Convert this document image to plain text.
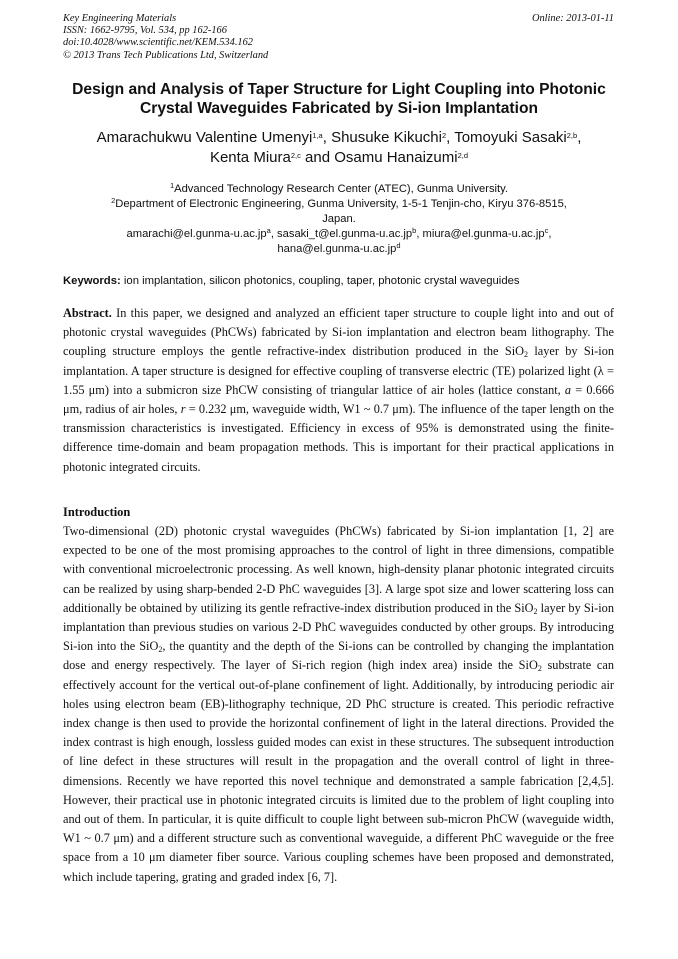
Key Engineering Materials
ISSN: 1662-9795, Vol. 534, pp 162-166
doi:10.4028/www.scientific.net/KEM.534.162
© 2013 Trans Tech Publications Ltd, Switzerland
Online: 2013-01-11
Design and Analysis of Taper Structure for Light Coupling into Photonic
Crystal Waveguides Fabricated by Si-ion Implantation
Amarachukwu Valentine Umenyi$^{1,a}$, Shusuke Kikuchi$^2$, Tomoyuki Sasaki$^{2,b}$,
Kenta Miura$^{2,c}$ and Osamu Hanaizumi$^{2,d}$
$^1$Advanced Technology Research Center (ATEC), Gunma University.
$^2$Department of Electronic Engineering, Gunma University, 1-5-1 Tenjin-cho, Kiryu 376-8515,
Japan.
$amarachi@el.gunma-u.ac.jp^a$, $sasaki\_t@el.gunma-u.ac.jp^b$, $miura@el.gunma-u.ac.jp^c$,
$hana@el.gunma-u.ac.jp^d$
Keywords: ion implantation, silicon photonics, coupling, taper, photonic crystal waveguides
Abstract. In this paper, we designed and analyzed an efficient taper structure to couple light into and out of photonic crystal waveguides (PhCWs) fabricated by Si-ion implantation and electron beam lithography. The coupling structure employs the gentle refractive-index distribution produced in the SiO$_2$ layer by Si-ion implantation. A taper structure is designed for effective coupling of transverse electric (TE) polarized light (λ = 1.55 μm) into a submicron size PhCW consisting of triangular lattice of air holes (lattice constant, a = 0.666 μm, radius of air holes, r = 0.232 μm, waveguide width, W1 ~ 0.7 μm). The influence of the taper length on the transmission characteristics is investigated. Efficiency in excess of 95% is demonstrated using the finite-difference time-domain and beam propagation methods. This is important for their practical applications in photonic integrated circuits.
Introduction
Two-dimensional (2D) photonic crystal waveguides (PhCWs) fabricated by Si-ion implantation [1, 2] are expected to be one of the most promising approaches to the control of light in three dimensions, compatible with conventional microelectronic processing. As well known, high-density planar photonic integrated circuits can be realized by using sharp-bended 2-D PhC waveguides [3]. A large spot size and lower scattering loss can additionally be obtained by utilizing its gentle refractive-index distribution produced in the SiO$_2$ layer by Si-ion implantation than previous studies on various 2-D PhC waveguides conducted by other groups. By introducing Si-ion into the SiO$_2$, the quantity and the depth of the Si-ions can be controlled by changing the implantation dose and energy respectively. The layer of Si-rich region (high index area) inside the SiO$_2$ substrate can effectively account for the vertical out-of-plane confinement of light. Additionally, by introducing periodic air holes using electron beam (EB)-lithography technique, 2D PhC structure is created. This periodic refractive index change is then used to provide the horizontal confinement of light in the lateral directions. Provided the index contrast is high enough, lossless guided modes can exist in these structures. The subsequent introduction of line defect in these structures will result in the propagation and the overall control of light in three-dimensions. Recently we have reported this novel technique and demonstrated a sample fabrication [2,4,5]. However, their practical use in photonic integrated circuits is limited due to the problem of light coupling into and out of them. In particular, it is quite difficult to couple light between sub-micron PhCW (waveguide width, W1 ~ 0.7 μm) and a different structure such as conventional waveguide, a different PhC waveguide or the free space from a 10 μm diameter fiber source. Various coupling schemes have been proposed and demonstrated, which include tapering, grating and graded index [6, 7].
